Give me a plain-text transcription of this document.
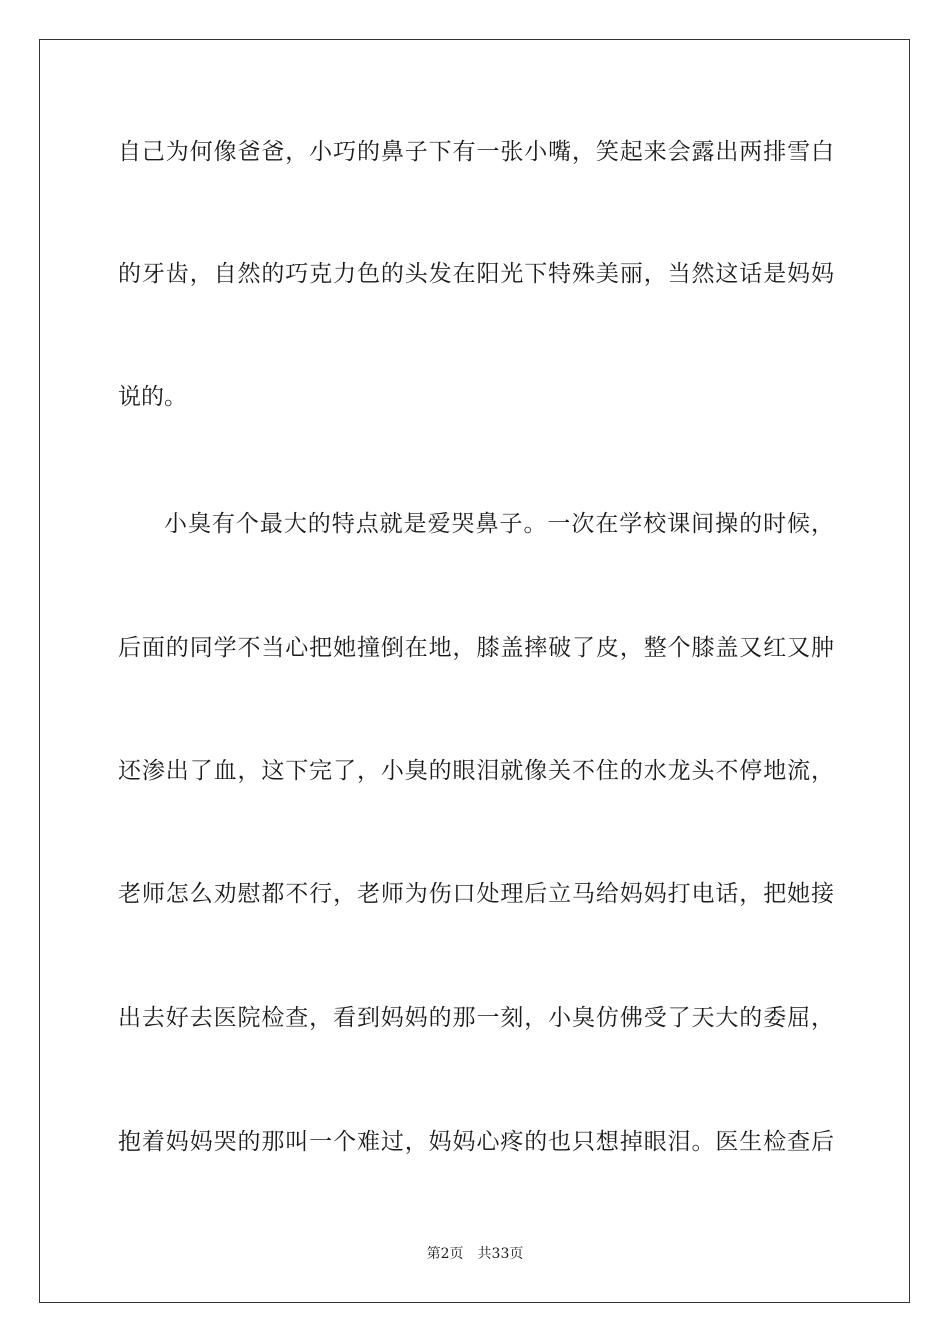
自己为何像爸爸，小巧的鼻子下有一张小嘴，笑起来会露出两排雪白
的牙齿，自然的巧克力色的头发在阳光下特殊美丽，当然这话是妈妈
说的。
小臭有个最大的特点就是爱哭鼻子。一次在学校课间操的时候，
后面的同学不当心把她撞倒在地，膝盖摔破了皮，整个膝盖又红又肿
还渗出了血，这下完了，小臭的眼泪就像关不住的水龙头不停地流，
老师怎么劝慰都不行，老师为伤口处理后立马给妈妈打电话，把她接
出去好去医院检查，看到妈妈的那一刻，小臭仿佛受了天大的委屈，
抱着妈妈哭的那叫一个难过，妈妈心疼的也只想掉眼泪。医生检查后
第2页 共33页
